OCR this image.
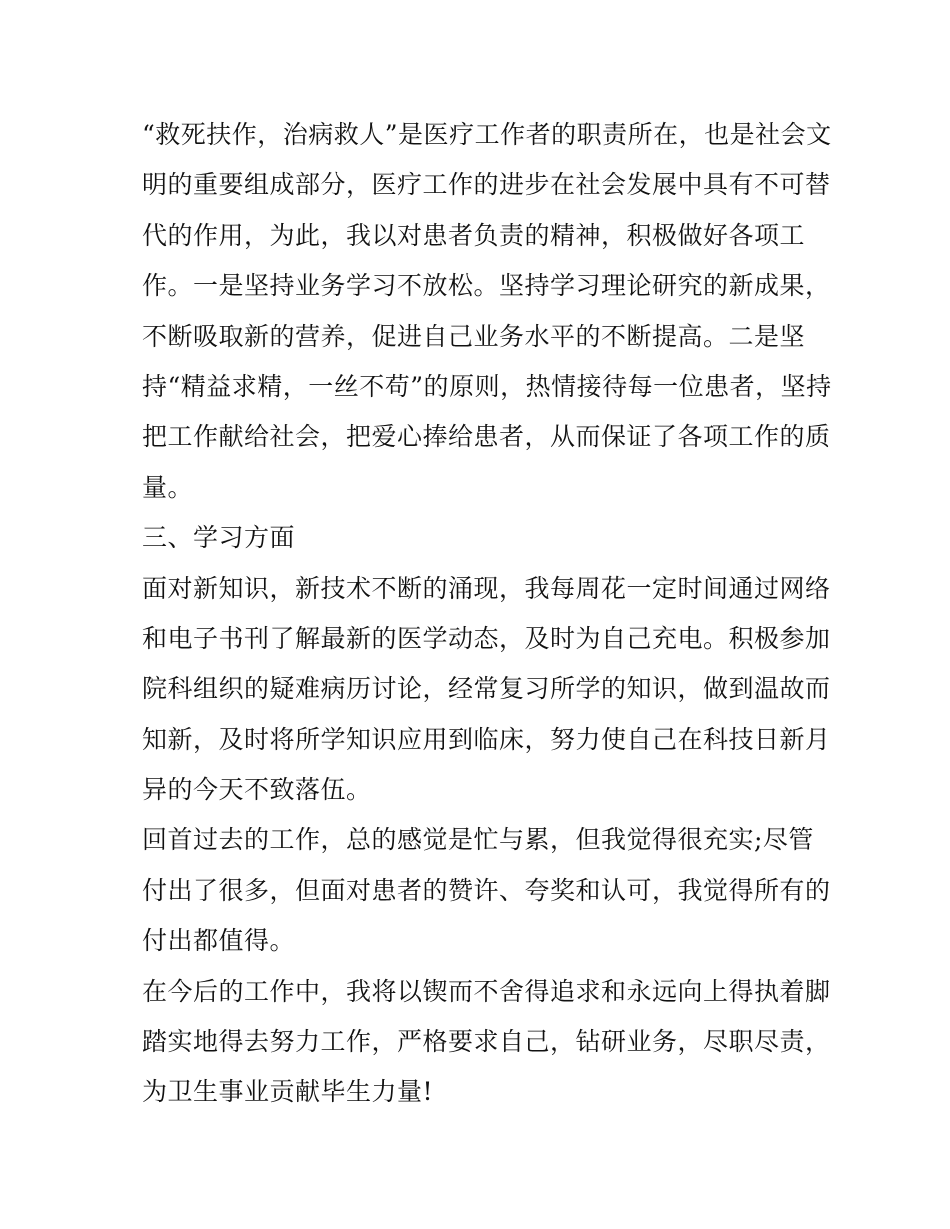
“救死扶作，治病救人”是医疗工作者的职责所在，也是社会文
明的重要组成部分，医疗工作的进步在社会发展中具有不可替
代的作用，为此，我以对患者负责的精神，积极做好各项工
作。一是坚持业务学习不放松。坚持学习理论研究的新成果，
不断吸取新的营养，促进自己业务水平的不断提高。二是坚
持“精益求精，一丝不苟”的原则，热情接待每一位患者，坚持
把工作献给社会，把爱心捧给患者，从而保证了各项工作的质
量。
三、学习方面
面对新知识，新技术不断的涌现，我每周花一定时间通过网络
和电子书刊了解最新的医学动态，及时为自己充电。积极参加
院科组织的疑难病历讨论，经常复习所学的知识，做到温故而
知新，及时将所学知识应用到临床，努力使自己在科技日新月
异的今天不致落伍。
回首过去的工作，总的感觉是忙与累，但我觉得很充实;尽管
付出了很多，但面对患者的赞许、夸奖和认可，我觉得所有的
付出都值得。
在今后的工作中，我将以锲而不舍得追求和永远向上得执着脚
踏实地得去努力工作，严格要求自己，钻研业务，尽职尽责，
为卫生事业贡献毕生力量!
